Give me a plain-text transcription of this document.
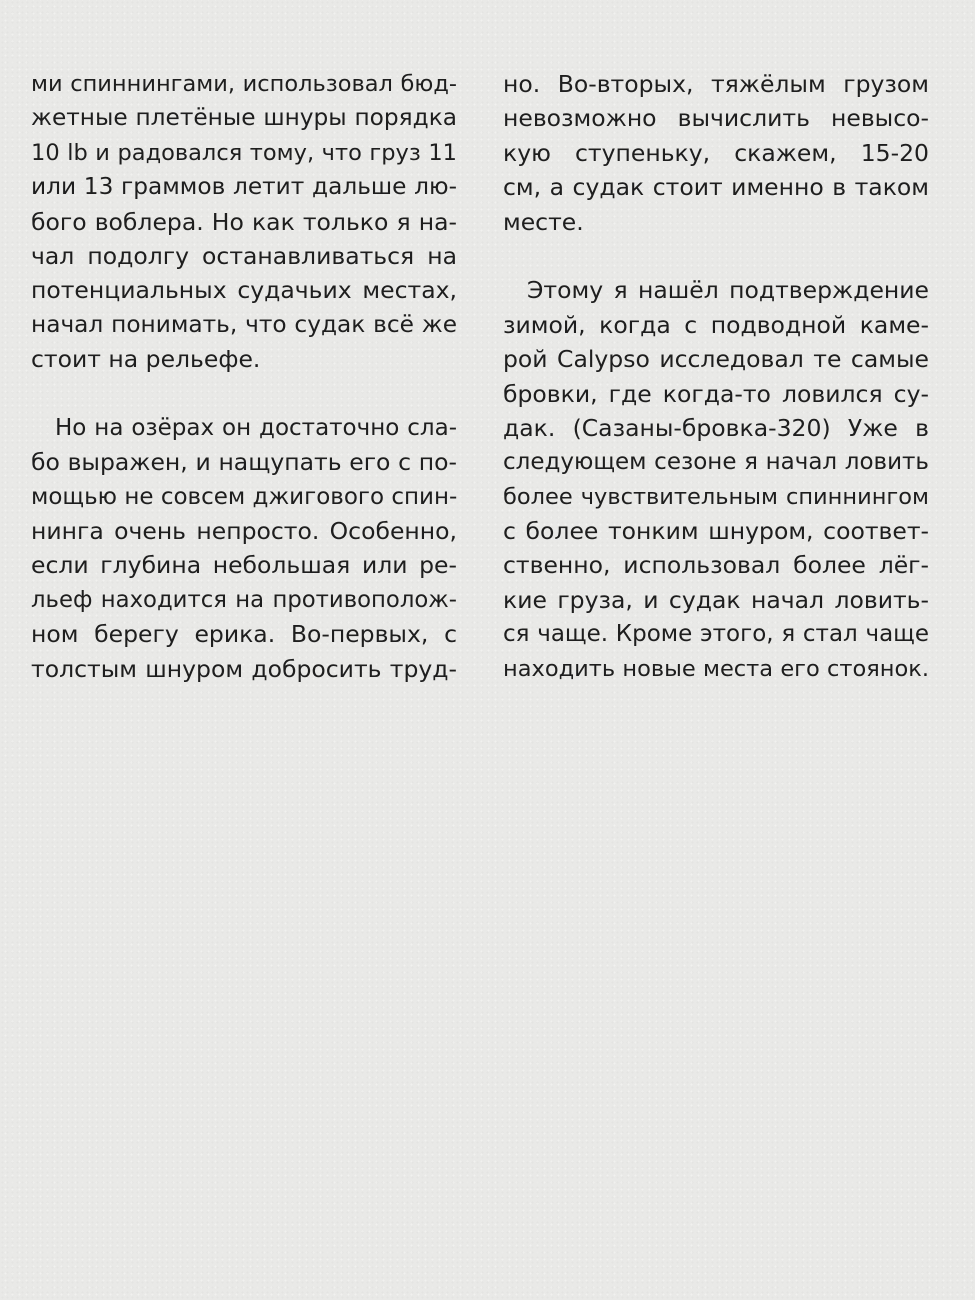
ми спиннингами, использовал бюд-
жетные плетёные шнуры порядка
10 lb и радовался тому, что груз 11
или 13 граммов летит дальше лю-
бого воблера. Но как только я на-
чал подолгу останавливаться на
потенциальных судачьих местах,
начал понимать, что судак всё же
стоит на рельефе.
Но на озёрах он достаточно сла-
бо выражен, и нащупать его с по-
мощью не совсем джигового спин-
нинга очень непросто. Особенно,
если глубина небольшая или ре-
льеф находится на противополож-
ном берегу ерика. Во-первых, с
толстым шнуром добросить труд-
но. Во-вторых, тяжёлым грузом
невозможно вычислить невысо-
кую ступеньку, скажем, 15-20
см, а судак стоит именно в таком
месте.
Этому я нашёл подтверждение
зимой, когда с подводной каме-
рой Calypso исследовал те самые
бровки, где когда-то ловился су-
дак. (Сазаны-бровка-320) Уже в
следующем сезоне я начал ловить
более чувствительным спиннингом
с более тонким шнуром, соответ-
ственно, использовал более лёг-
кие груза, и судак начал ловить-
ся чаще. Кроме этого, я стал чаще
находить новые места его стоянок.
